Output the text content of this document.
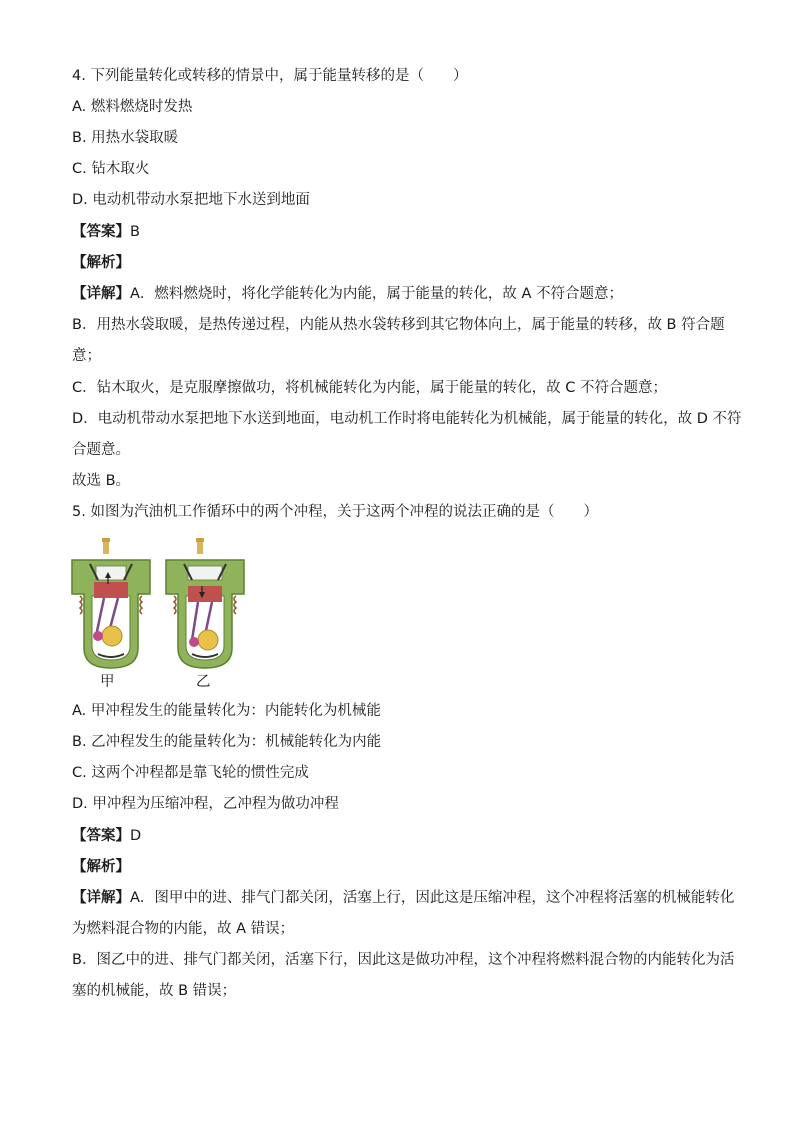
4. 下列能量转化或转移的情景中，属于能量转移的是（　　）
A. 燃料燃烧时发热
B. 用热水袋取暖
C. 钻木取火
D. 电动机带动水泵把地下水送到地面
【答案】B
【解析】
【详解】A．燃料燃烧时，将化学能转化为内能，属于能量的转化，故 A 不符合题意；
B．用热水袋取暖，是热传递过程，内能从热水袋转移到其它物体向上，属于能量的转移，故 B 符合题
意；
C．钻木取火，是克服摩擦做功，将机械能转化为内能，属于能量的转化，故 C 不符合题意；
D．电动机带动水泵把地下水送到地面，电动机工作时将电能转化为机械能，属于能量的转化，故 D 不符
合题意。
故选 B。
5. 如图为汽油机工作循环中的两个冲程，关于这两个冲程的说法正确的是（　　）
甲	乙
A. 甲冲程发生的能量转化为：内能转化为机械能
B. 乙冲程发生的能量转化为：机械能转化为内能
C. 这两个冲程都是靠飞轮的惯性完成
D. 甲冲程为压缩冲程，乙冲程为做功冲程
【答案】D
【解析】
【详解】A．图甲中的进、排气门都关闭，活塞上行，因此这是压缩冲程，这个冲程将活塞的机械能转化
为燃料混合物的内能，故 A 错误；
B．图乙中的进、排气门都关闭，活塞下行，因此这是做功冲程，这个冲程将燃料混合物的内能转化为活
塞的机械能，故 B 错误；
